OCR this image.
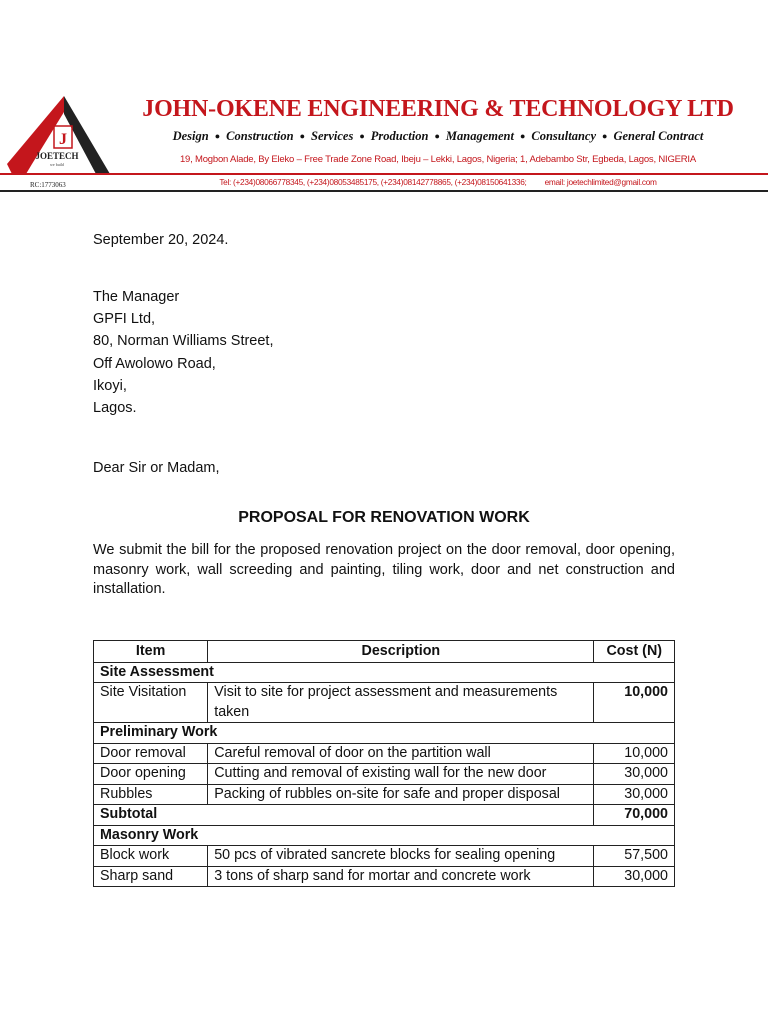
J
JOETECH
we build
RC:1773063
JOHN-OKENE ENGINEERING & TECHNOLOGY LTD
Design ● Construction ● Services ● Production ● Management ● Consultancy ● General Contract
19, Mogbon Alade, By Eleko – Free Trade Zone Road, Ibeju – Lekki, Lagos, Nigeria; 1, Adebambo Str, Egbeda, Lagos, NIGERIA
Tel: (+234)08066778345, (+234)08053485175, (+234)08142778865, (+234)08150641336; email: joetechlimited@gmail.com
September 20, 2024.
The Manager
GPFI Ltd,
80, Norman Williams Street,
Off Awolowo Road,
Ikoyi,
Lagos.
Dear Sir or Madam,
PROPOSAL FOR RENOVATION WORK
We submit the bill for the proposed renovation project on the door removal, door opening, masonry work, wall screeding and painting, tiling work, door and net construction and installation.
Item	Description	Cost (N)
Site Assessment		
Site Visitation	Visit to site for project assessment and measurements taken	10,000
Preliminary Work		
Door removal	Careful removal of door on the partition wall	10,000
Door opening	Cutting and removal of existing wall for the new door	30,000
Rubbles	Packing of rubbles on-site for safe and proper disposal	30,000
Subtotal		70,000
Masonry Work		
Block work	50 pcs of vibrated sancrete blocks for sealing opening	57,500
Sharp sand	3 tons of sharp sand for mortar and concrete work	30,000
